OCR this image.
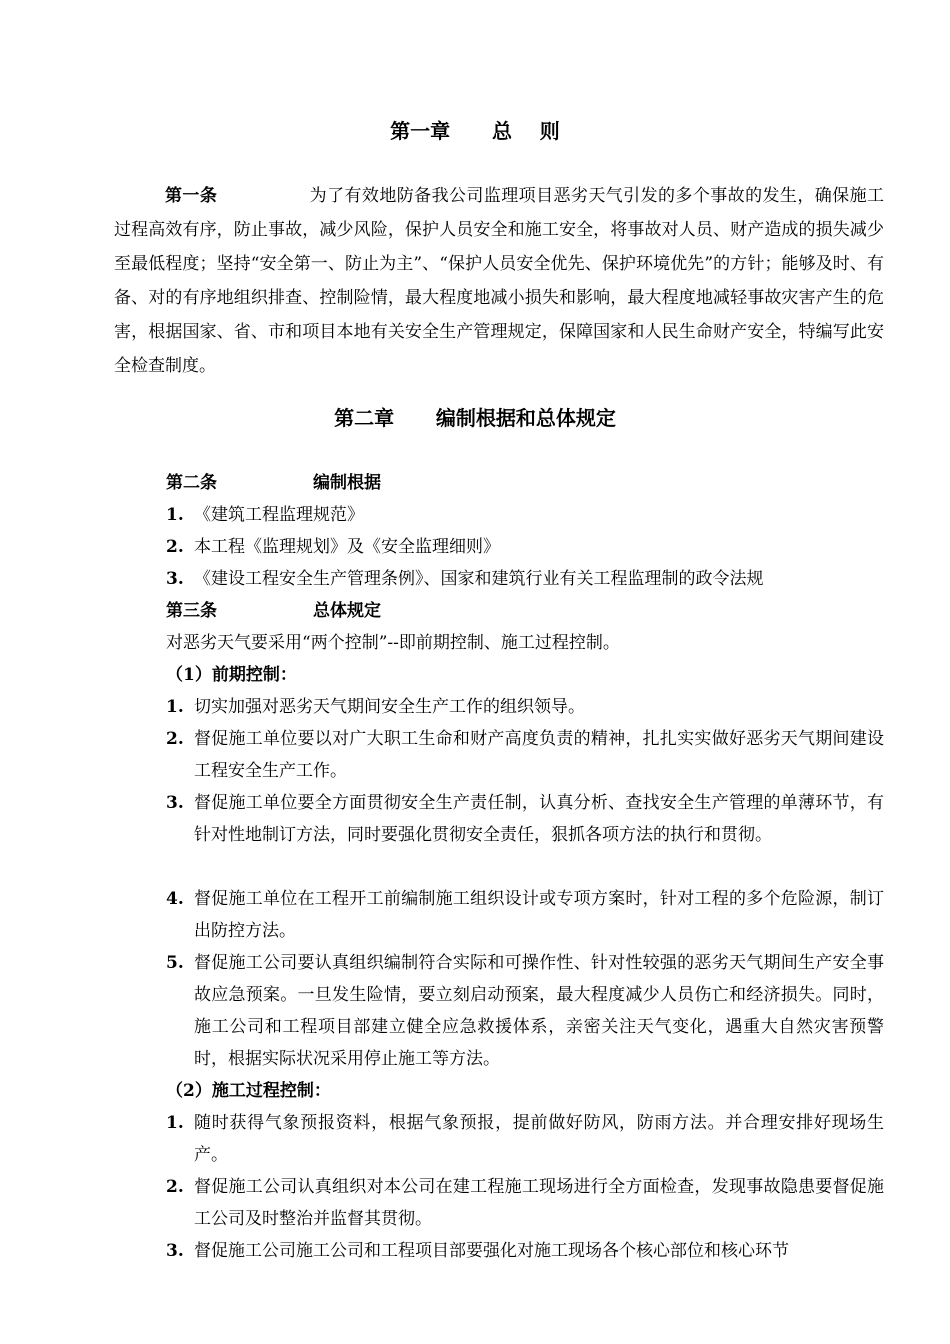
第一章      总    则
第一条	为了有效地防备我公司监理项目恶劣天气引发的多个事故的发生，确保施工过程高效有序，防止事故，减少风险，保护人员安全和施工安全，将事故对人员、财产造成的损失减少至最低程度；坚持“安全第一、防止为主”、“保护人员安全优先、保护环境优先”的方针；能够及时、有备、对的有序地组织排查、控制险情，最大程度地减小损失和影响，最大程度地减轻事故灾害产生的危害，根据国家、省、市和项目本地有关安全生产管理规定，保障国家和人民生命财产安全，特编写此安全检查制度。
第二章      编制根据和总体规定
第二条	编制根据
1. 《建筑工程监理规范》
2. 本工程《监理规划》及《安全监理细则》
3. 《建设工程安全生产管理条例》、国家和建筑行业有关工程监理制的政令法规
第三条	总体规定
对恶劣天气要采用“两个控制”--即前期控制、施工过程控制。
（1）前期控制：
1. 切实加强对恶劣天气期间安全生产工作的组织领导。
2. 督促施工单位要以对广大职工生命和财产高度负责的精神，扎扎实实做好恶劣天气期间建设工程安全生产工作。
3. 督促施工单位要全方面贯彻安全生产责任制，认真分析、查找安全生产管理的单薄环节，有针对性地制订方法，同时要强化贯彻安全责任，狠抓各项方法的执行和贯彻。
4. 督促施工单位在工程开工前编制施工组织设计或专项方案时，针对工程的多个危险源，制订出防控方法。
5. 督促施工公司要认真组织编制符合实际和可操作性、针对性较强的恶劣天气期间生产安全事故应急预案。一旦发生险情，要立刻启动预案，最大程度减少人员伤亡和经济损失。同时，施工公司和工程项目部建立健全应急救援体系，亲密关注天气变化，遇重大自然灾害预警时，根据实际状况采用停止施工等方法。
（2）施工过程控制：
1. 随时获得气象预报资料，根据气象预报，提前做好防风，防雨方法。并合理安排好现场生产。
2. 督促施工公司认真组织对本公司在建工程施工现场进行全方面检查，发现事故隐患要督促施工公司及时整治并监督其贯彻。
3. 督促施工公司施工公司和工程项目部要强化对施工现场各个核心部位和核心环节
